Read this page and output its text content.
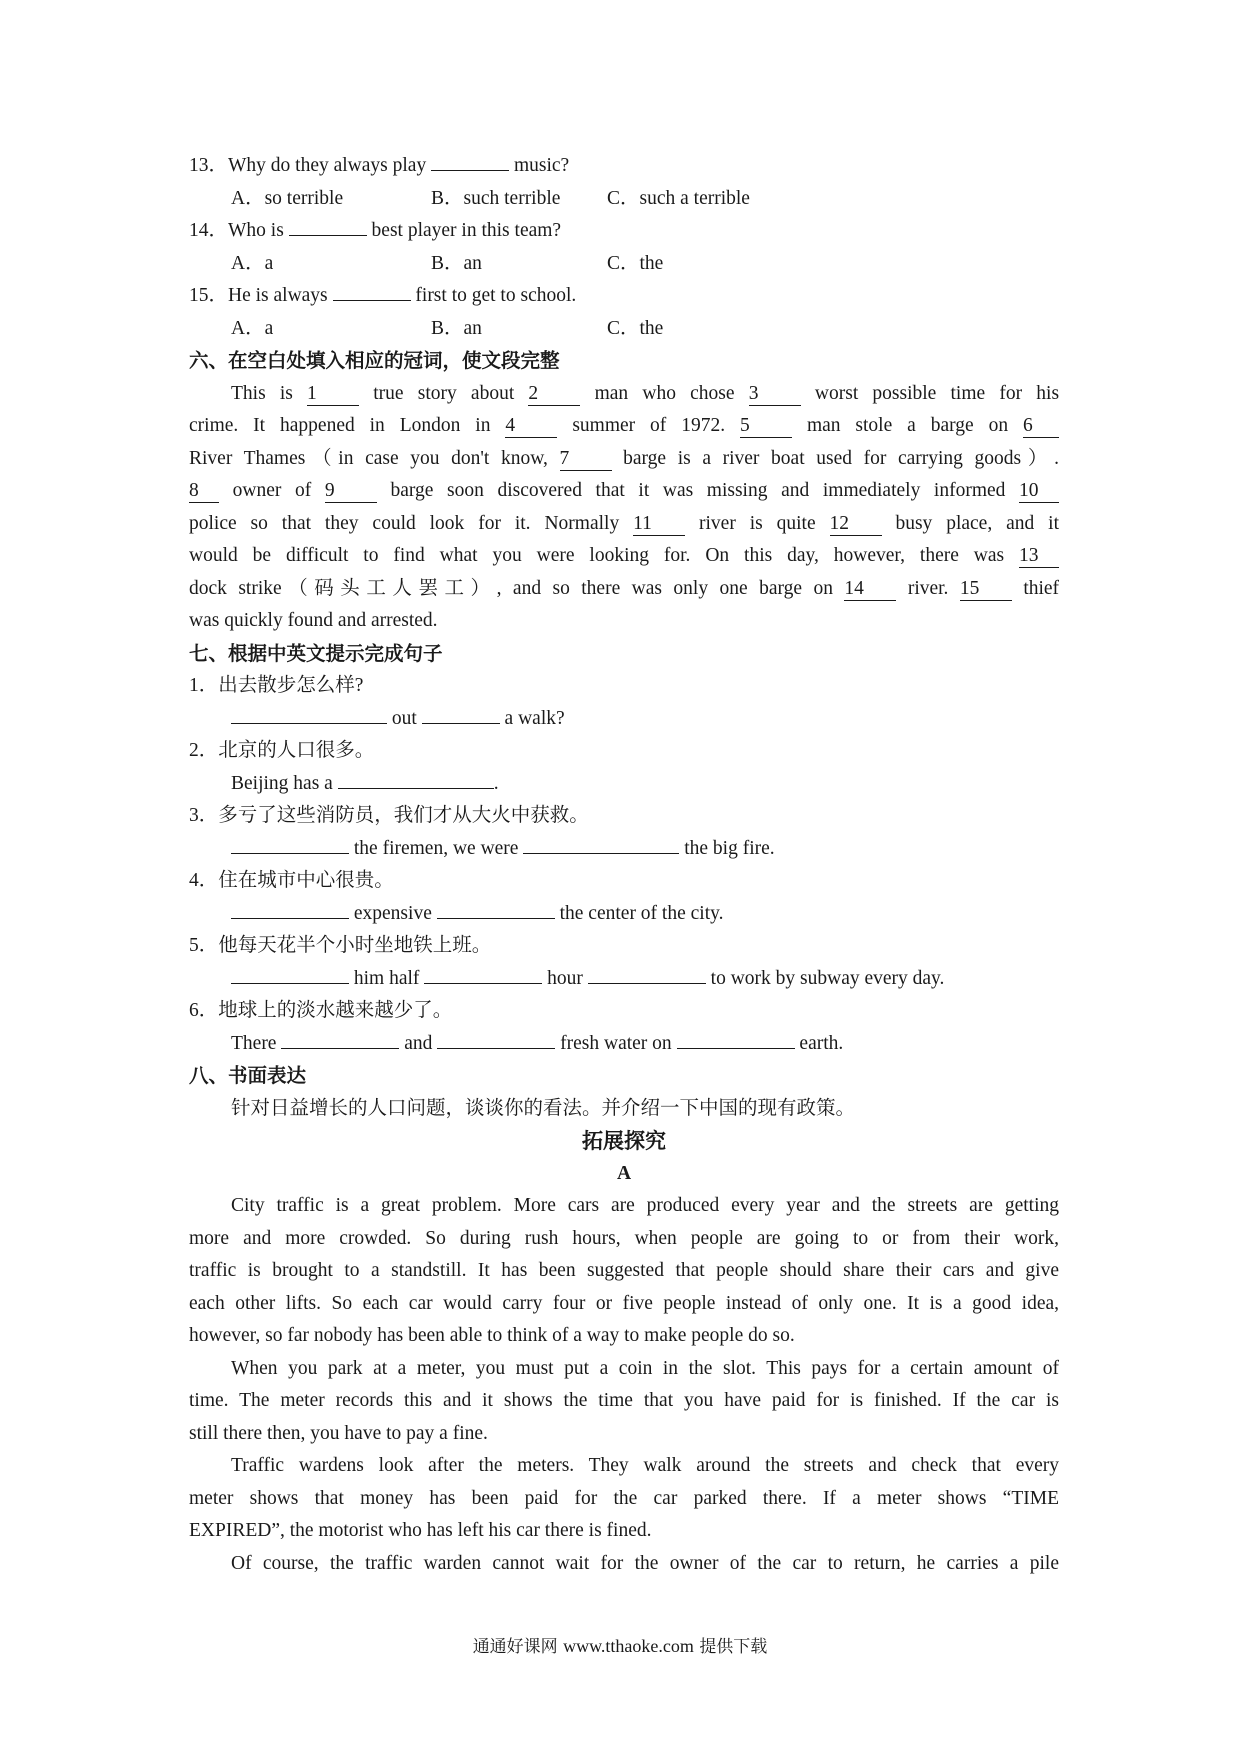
13．Why do they always play	music?
A．so terrible	B．such terrible	C．such a terrible
14．Who is	best player in this team?
A．a	B．an	C．the
15．He is always	first to get to school.
A．a	B．an	C．the
六、在空白处填入相应的冠词，使文段完整
This is 1	true story about 2	man who chose 3	worst possible time for his
crime. It happened in London in 4	summer of 1972. 5	man stole a barge on 6
River Thames（in case you don't know, 7	barge is a river boat used for carrying goods）.
8 owner of 9	barge soon discovered that it was missing and immediately informed 10
police so that they could look for it. Normally 11 river is quite 12 busy place, and it
would be difficult to find what you were looking for. On this day, however, there was 13
dock strike（码头工人罢工）, and so there was only one barge on 14 river. 15 thief
was quickly found and arrested.
七、根据中英文提示完成句子
1．出去散步怎么样?
out	a walk?
2．北京的人口很多。
Beijing has a	.
3．多亏了这些消防员，我们才从大火中获救。
the firemen, we were	the big fire.
4．住在城市中心很贵。
expensive	the center of the city.
5．他每天花半个小时坐地铁上班。
him half	hour	to work by subway every day.
6．地球上的淡水越来越少了。
There	and	fresh water on	earth.
八、书面表达
针对日益增长的人口问题，谈谈你的看法。并介绍一下中国的现有政策。
拓展探究
A
City traffic is a great problem. More cars are produced every year and the streets are getting
more and more crowded. So during rush hours, when people are going to or from their work,
traffic is brought to a standstill. It has been suggested that people should share their cars and give
each other lifts. So each car would carry four or five people instead of only one. It is a good idea,
however, so far nobody has been able to think of a way to make people do so.
When you park at a meter, you must put a coin in the slot. This pays for a certain amount of
time. The meter records this and it shows the time that you have paid for is finished. If the car is
still there then, you have to pay a fine.
Traffic wardens look after the meters. They walk around the streets and check that every
meter shows that money has been paid for the car parked there. If a meter shows “TIME
EXPIRED”, the motorist who has left his car there is fined.
Of course, the traffic warden cannot wait for the owner of the car to return, he carries a pile
通通好课网 www.tthaoke.com 提供下载
